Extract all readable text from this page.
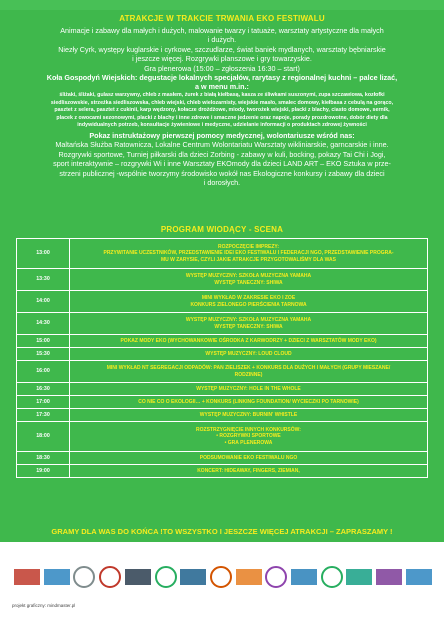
ATRAKCJE W TRAKCIE TRWANIA EKO FESTIWALU
Animacje i zabawy dla małych i dużych, malowanie twarzy i tatuaże, warsztaty artystyczne dla małych
i dużych.
Niezły Cyrk, występy kuglarskie i cyrkowe, szczudlarze, świat baniek mydlanych, warsztaty bębniarskie
i jeszcze więcej. Rozgrywki planszowe i gry towarzyskie.
Gra plenerowa (15:00 – zgłoszenia 16:30 – start)
Koła Gospodyń Wiejskich: degustacje lokalnych specjałów, rarytasy z regionalnej kuchni – palce lizać,
a w menu m.in.:
śliżaki, śliżaki, gulasz warzywny, chleb z masłem, żurek z białą kiełbasą, kasza ze śliwkami suszonymi, zupa szczawiowa, kozłofki
siedliszowskie, strzeżka siedliszowska, chleb wiejski, chleb wielozarnisty, wiejskie masło, smalec domowy, kiełbasa z cebulą na gorąco,
pasztet z selera, pasztet z cukinii, karp wędzony, kołacze drożdżowe, miody, tworożek wiejski, placki z blachy, ciasto domowe, sernik,
placek z owocami sezonowymi, placki z blachy i inne zdrowe i smaczne jedzenie oraz napoje, porady prozdrowotne, dobór diety dla
indywidualnych potrzeb, konsultacje żywieniowe i medyczne, udzielanie informacji o produktach zdrowej żywności
Pokaz instruktażowy pierwszej pomocy medycznej, wolontariusze wśród nas:
Maltańska Służba Ratownicza, Lokalne Centrum Wolontariatu Warsztaty wikliniarskie, garncarskie i inne.
Rozgrywki sportowe, Turniej piłkarski dla dzieci Zorbing - zabawy w kuli, bocking, pokazy Tai Chi i Jogi,
sport interaktywnie – rozgrywki Wi i inne Warsztaty EKOmody dla dzieci LAND ART – EKO Sztuka w prze-
strzeni publicznej -wspólnie tworzymy środowisko wokół nas Ekologiczne konkursy i zabawy dla dzieci
i dorosłych.
PROGRAM WIODĄCY - SCENA
13:00	ROZPOCZĘCIE IMPREZY:
PRZYWITANIE UCZESTNIKÓW, PRZEDSTAWIENIE IDEI EKO FESTIWALU I FEDERACJI NGO, PRZEDSTAWIENIE PROGRA-
MU W ZARYSIE, CZYLI JAKIE ATRAKCJE PRZYGOTOWALIŚMY DLA WAS

13:30	WYSTĘP MUZYCZNY: SZKOŁA MUZYCZNA YAMAHA
WYSTĘP TANECZNY: SHIWA

14:00	MINI WYKŁAD W ZAKRESIE EKO I ZOE
KONKURS ZIELONEGO PIERŚCIENIA TARNOWA

14:30	WYSTĘP MUZYCZNY: SZKOŁA MUZYCZNA YAMAHA
WYSTĘP TANECZNY: SHIWA

15:00	POKAZ MODY EKO (WYCHOWANKOWIE OŚRODKA Z KARWODRZY + DZIECI Z WARSZTATÓW MODY EKO)

15:30	WYSTĘP MUZYCZNY: LOUD CLOUD

16:00	MINI WYKŁAD NT SEGREGACJI ODPADÓW: PAN ZIELISZEK + KONKURS DLA DUŻYCH I MAŁYCH (GRUPY MIESZANE/
RODZINNE)

16:30	WYSTĘP MUZYCZNY: HOLE IN THE WHOLE

17:00	CO NIE CO O EKOLOGII… + KONKURS (LINKING FOUNDATION/ WYCIECZKI PO TARNOWIE)

17:30	WYSTĘP MUZYCZNY: BURNIN' WHISTLE

18:00	ROZSTRZYGNIĘCIE INNYCH KONKURSÓW:
• ROZGRYWKI SPORTOWE
• GRA PLENEROWA

18:30	PODSUMOWANIE EKO FESTIWALU NGO

19:00	KONCERT: HIDEAWAY, FINGERS, ZIEMIAN,
GRAMY DLA WAS DO KOŃCA !TO WSZYSTKO I JESZCZE WIĘCEJ ATRAKCJI – ZAPRASZAMY !
projekt graficzny: mindmaster.pl
